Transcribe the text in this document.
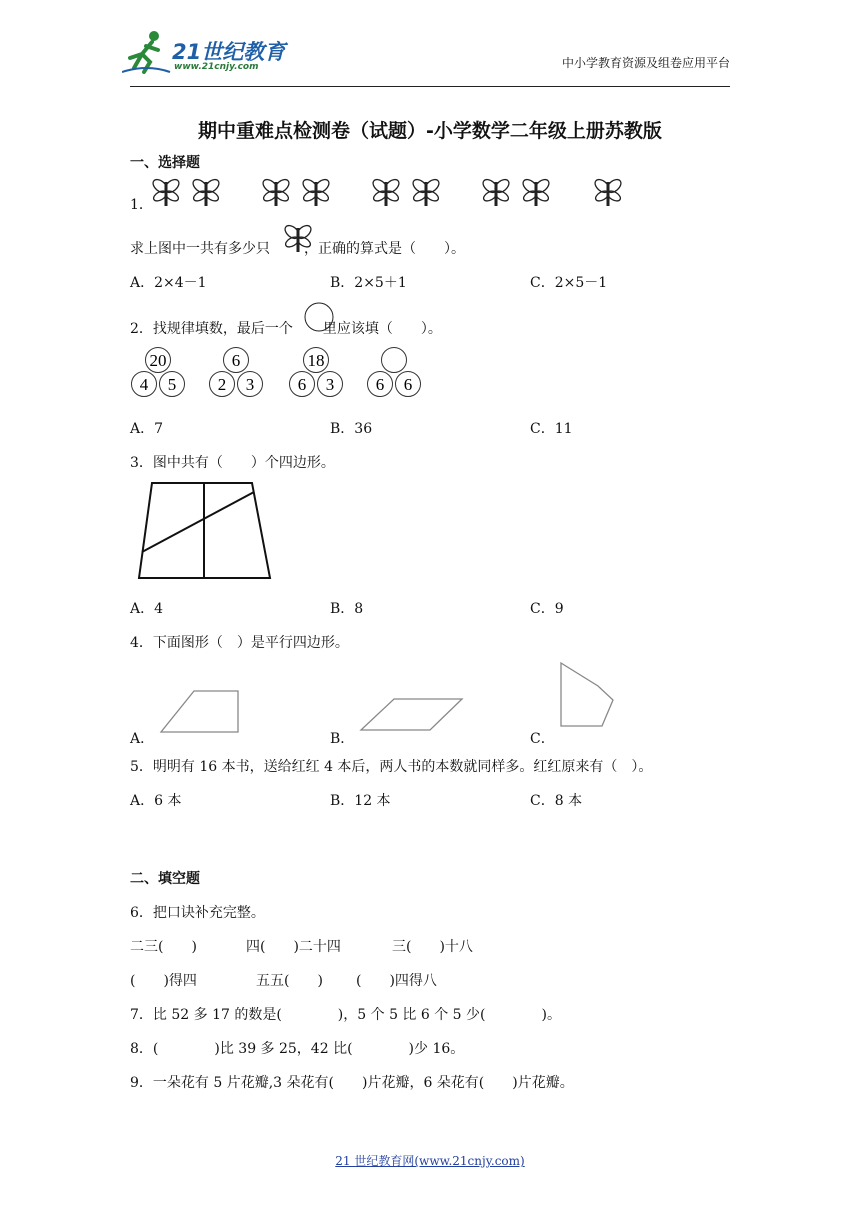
21世纪教育
www.21cnjy.com	中小学教育资源及组卷应用平台
期中重难点检测卷（试题）-小学数学二年级上册苏教版
一、选择题
1．
求上图中一共有多少只 ，正确的算式是（　　）。
A．2×4－1	B．2×5＋1	C．2×5－1
2．找规律填数，最后一个 里应该填（　　）。
20
4 5
6
2 3
18
6 3 6 6
A．7	B．36	C．11
3．图中共有（　　）个四边形。
A．4	B．8	C．9
4．下面图形（　）是平行四边形。
A．	B．	C．
5．明明有 16 本书，送给红红 4 本后，两人书的本数就同样多。红红原来有（　）。
A．6 本	B．12 本	C．8 本
二、填空题
6．把口诀补充完整。
二三(　　)	四(　　)二十四	三(　　)十八
(　　)得四	五五(　　) (　　)四得八
7．比 52 多 17 的数是(　　　　)，5 个 5 比 6 个 5 少(　　　　)。
8．(　　　　)比 39 多 25，42 比(　　　　)少 16。
9．一朵花有 5 片花瓣,3 朵花有(　　)片花瓣，6 朵花有(　　)片花瓣。
21 世纪教育网(www.21cnjy.com)
